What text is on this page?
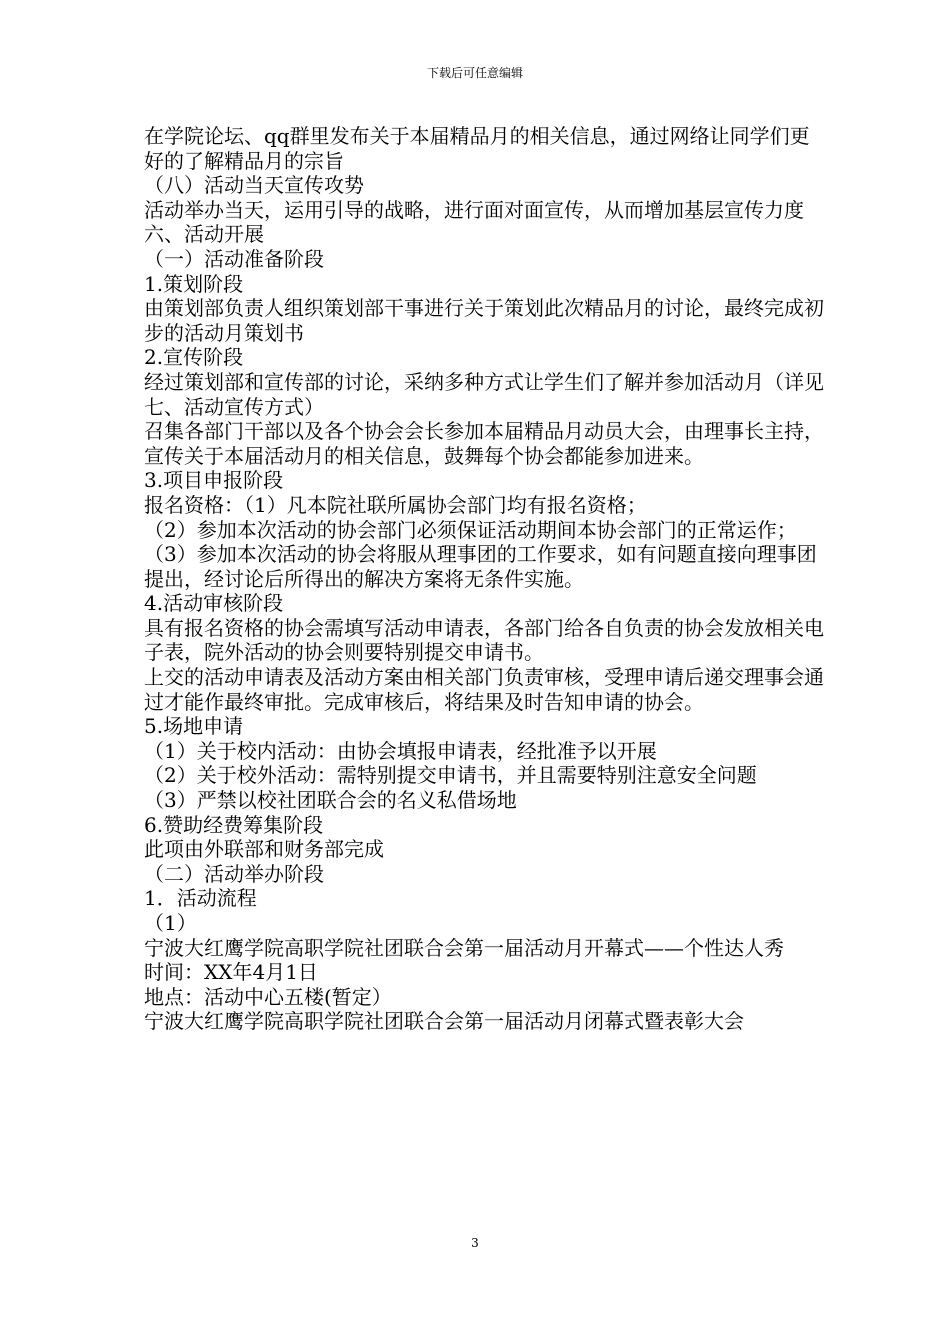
下载后可任意编辑

在学院论坛、qq群里发布关于本届精品月的相关信息，通过网络让同学们更好的了解精品月的宗旨

（八）活动当天宣传攻势

活动举办当天，运用引导的战略，进行面对面宣传，从而增加基层宣传力度

六、活动开展

（一）活动准备阶段

1.策划阶段

由策划部负责人组织策划部干事进行关于策划此次精品月的讨论，最终完成初步的活动月策划书

2.宣传阶段

经过策划部和宣传部的讨论，采纳多种方式让学生们了解并参加活动月（详见七、活动宣传方式）

召集各部门干部以及各个协会会长参加本届精品月动员大会，由理事长主持，宣传关于本届活动月的相关信息，鼓舞每个协会都能参加进来。

3.项目申报阶段

报名资格：（1）凡本院社联所属协会部门均有报名资格；

（2）参加本次活动的协会部门必须保证活动期间本协会部门的正常运作；

（3）参加本次活动的协会将服从理事团的工作要求，如有问题直接向理事团提出，经讨论后所得出的解决方案将无条件实施。

4.活动审核阶段

具有报名资格的协会需填写活动申请表，各部门给各自负责的协会发放相关电子表，院外活动的协会则要特别提交申请书。

上交的活动申请表及活动方案由相关部门负责审核，受理申请后递交理事会通过才能作最终审批。完成审核后，将结果及时告知申请的协会。

5.场地申请

（1）关于校内活动：由协会填报申请表，经批准予以开展

（2）关于校外活动：需特别提交申请书，并且需要特别注意安全问题

（3）严禁以校社团联合会的名义私借场地

6.赞助经费筹集阶段

此项由外联部和财务部完成

（二）活动举办阶段

1．活动流程

（1）

宁波大红鹰学院高职学院社团联合会第一届活动月开幕式——个性达人秀

时间：XX年4月1日

地点：活动中心五楼(暂定）

宁波大红鹰学院高职学院社团联合会第一届活动月闭幕式暨表彰大会

3
